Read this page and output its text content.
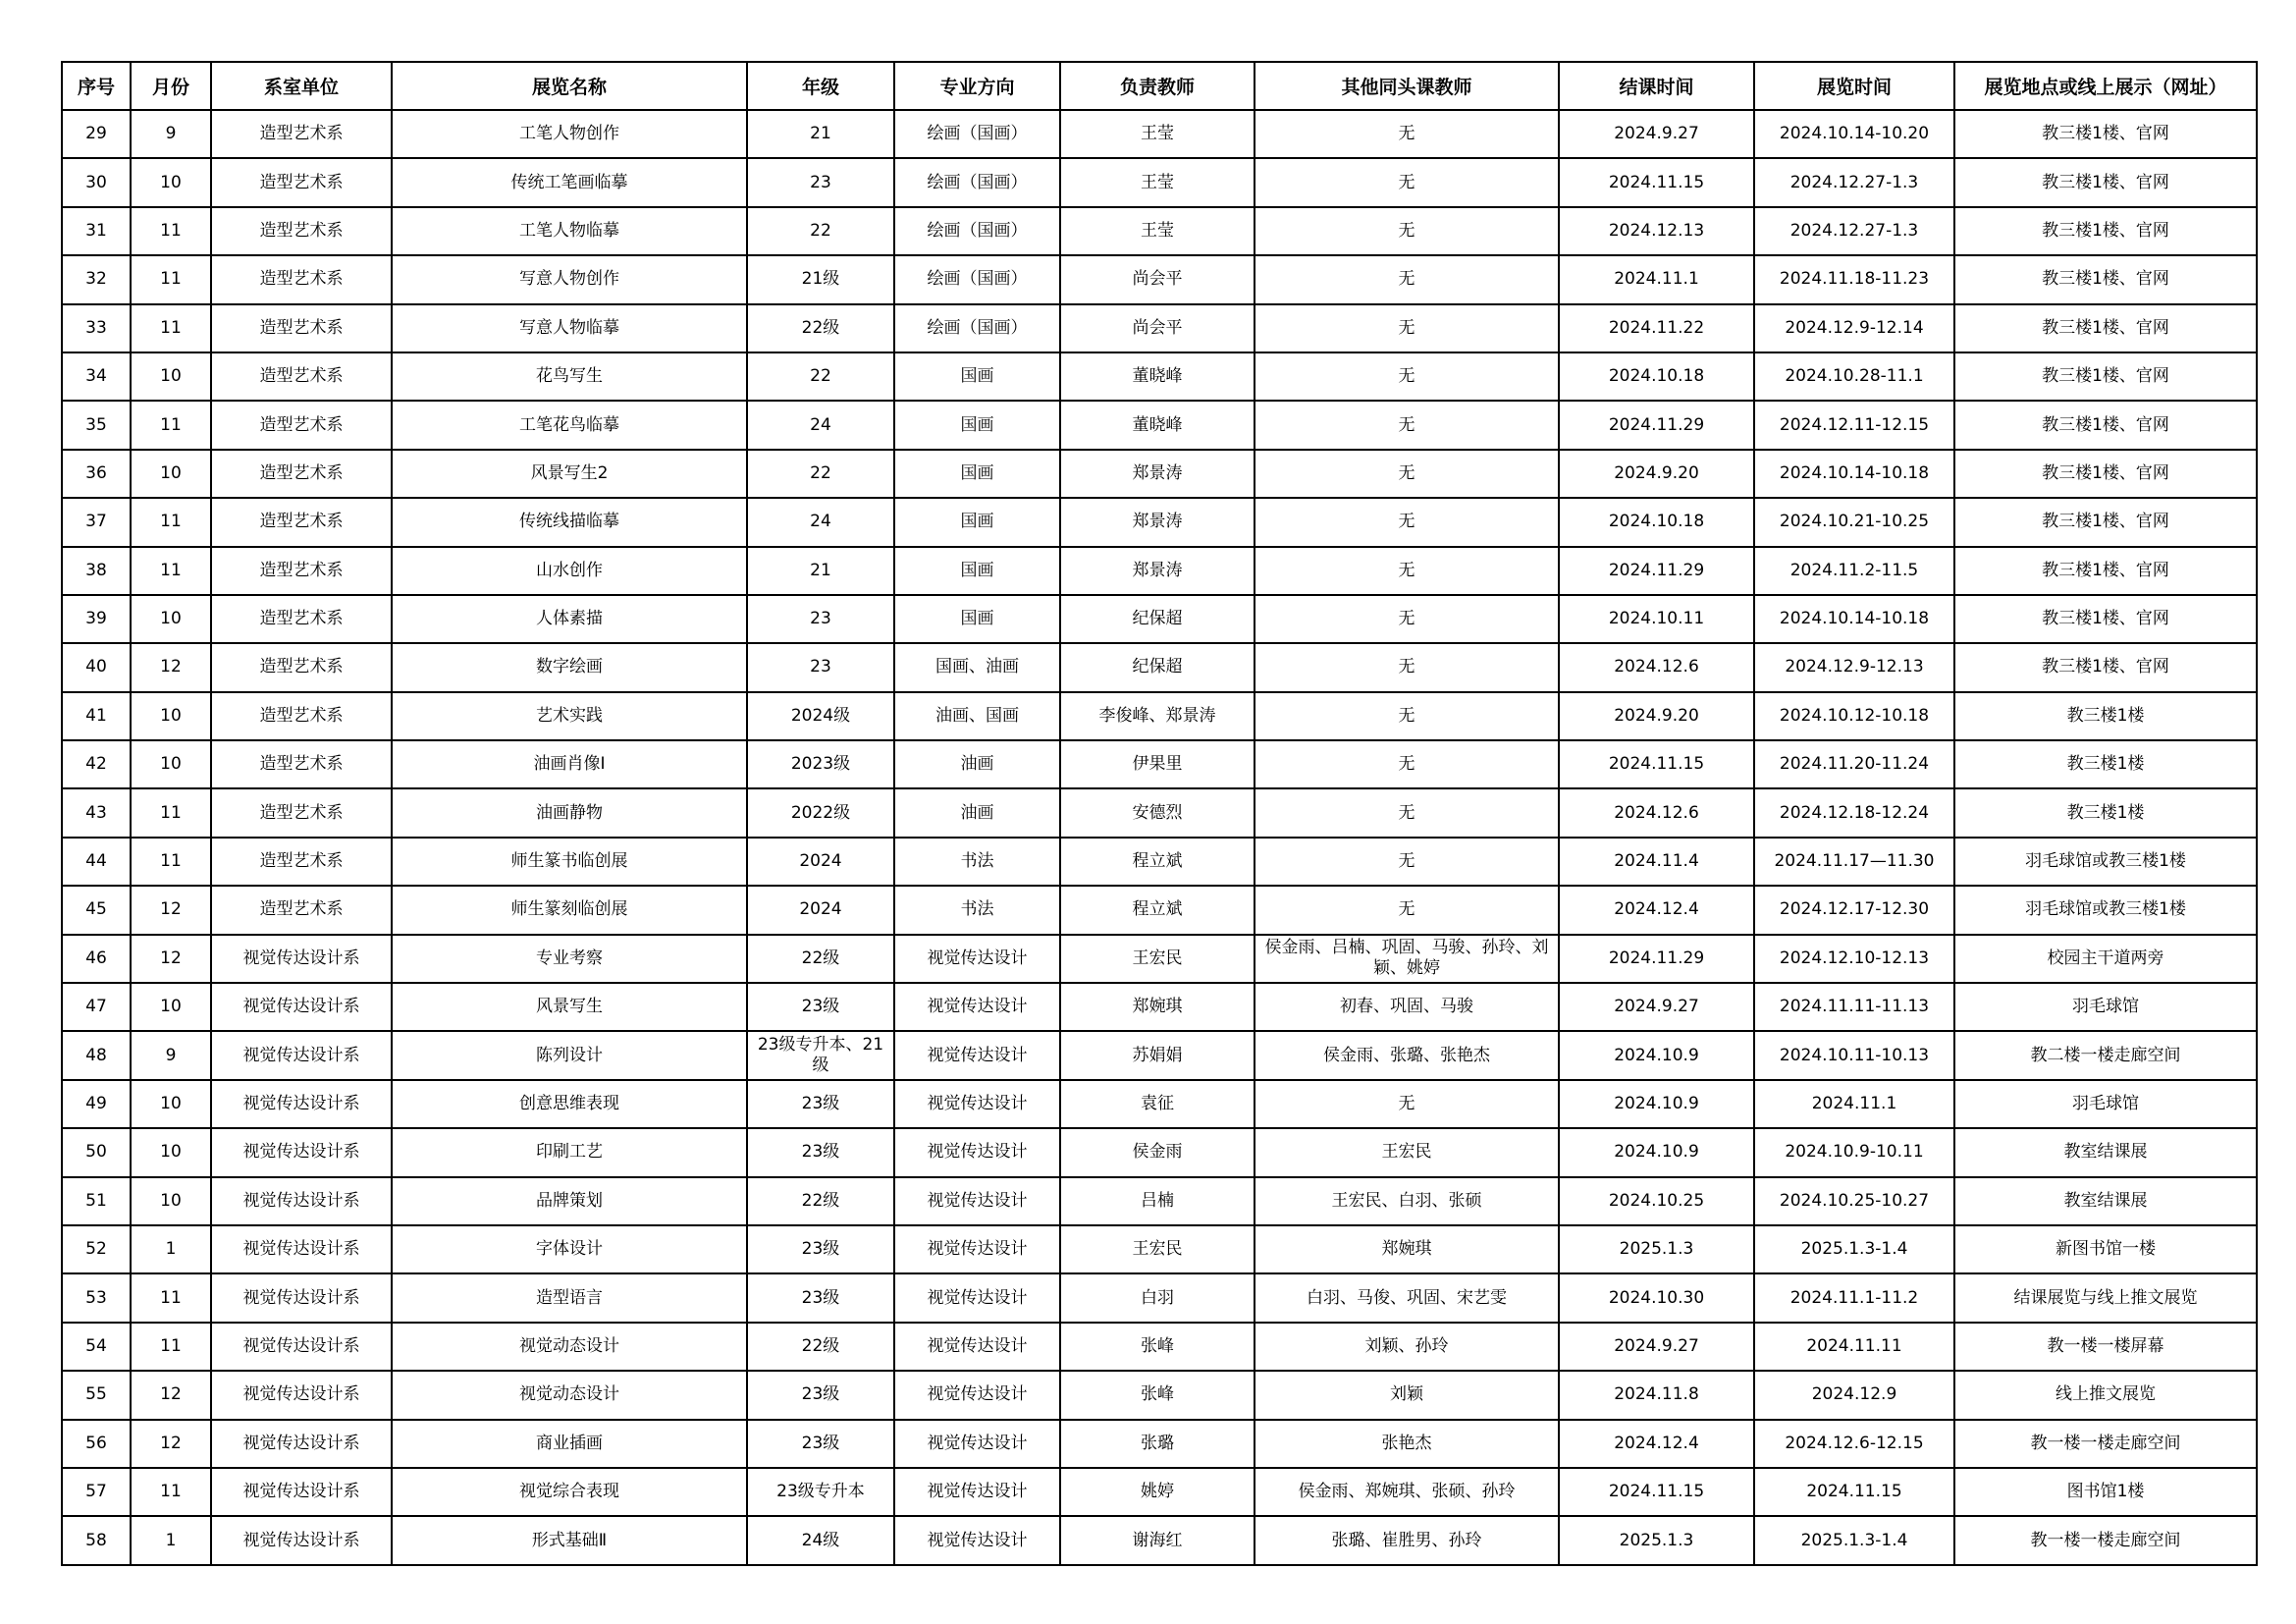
序号	月份	系室单位	展览名称	年级	专业方向	负责教师	其他同头课教师	结课时间	展览时间	展览地点或线上展示（网址）
29	9	造型艺术系	工笔人物创作	21	绘画（国画）	王莹	无	2024.9.27	2024.10.14-10.20	教三楼1楼、官网
30	10	造型艺术系	传统工笔画临摹	23	绘画（国画）	王莹	无	2024.11.15	2024.12.27-1.3	教三楼1楼、官网
31	11	造型艺术系	工笔人物临摹	22	绘画（国画）	王莹	无	2024.12.13	2024.12.27-1.3	教三楼1楼、官网
32	11	造型艺术系	写意人物创作	21级	绘画（国画）	尚会平	无	2024.11.1	2024.11.18-11.23	教三楼1楼、官网
33	11	造型艺术系	写意人物临摹	22级	绘画（国画）	尚会平	无	2024.11.22	2024.12.9-12.14	教三楼1楼、官网
34	10	造型艺术系	花鸟写生	22	国画	董晓峰	无	2024.10.18	2024.10.28-11.1	教三楼1楼、官网
35	11	造型艺术系	工笔花鸟临摹	24	国画	董晓峰	无	2024.11.29	2024.12.11-12.15	教三楼1楼、官网
36	10	造型艺术系	风景写生2	22	国画	郑景涛	无	2024.9.20	2024.10.14-10.18	教三楼1楼、官网
37	11	造型艺术系	传统线描临摹	24	国画	郑景涛	无	2024.10.18	2024.10.21-10.25	教三楼1楼、官网
38	11	造型艺术系	山水创作	21	国画	郑景涛	无	2024.11.29	2024.11.2-11.5	教三楼1楼、官网
39	10	造型艺术系	人体素描	23	国画	纪保超	无	2024.10.11	2024.10.14-10.18	教三楼1楼、官网
40	12	造型艺术系	数字绘画	23	国画、油画	纪保超	无	2024.12.6	2024.12.9-12.13	教三楼1楼、官网
41	10	造型艺术系	艺术实践	2024级	油画、国画	李俊峰、郑景涛	无	2024.9.20	2024.10.12-10.18	教三楼1楼
42	10	造型艺术系	油画肖像Ⅰ	2023级	油画	伊果里	无	2024.11.15	2024.11.20-11.24	教三楼1楼
43	11	造型艺术系	油画静物	2022级	油画	安德烈	无	2024.12.6	2024.12.18-12.24	教三楼1楼
44	11	造型艺术系	师生篆书临创展	2024	书法	程立斌	无	2024.11.4	2024.11.17—11.30	羽毛球馆或教三楼1楼
45	12	造型艺术系	师生篆刻临创展	2024	书法	程立斌	无	2024.12.4	2024.12.17-12.30	羽毛球馆或教三楼1楼
46	12	视觉传达设计系	专业考察	22级	视觉传达设计	王宏民	侯金雨、吕楠、巩固、马骏、孙玲、刘颖、姚婷	2024.11.29	2024.12.10-12.13	校园主干道两旁
47	10	视觉传达设计系	风景写生	23级	视觉传达设计	郑婉琪	初春、巩固、马骏	2024.9.27	2024.11.11-11.13	羽毛球馆
48	9	视觉传达设计系	陈列设计	23级专升本、21级	视觉传达设计	苏娟娟	侯金雨、张璐、张艳杰	2024.10.9	2024.10.11-10.13	教二楼一楼走廊空间
49	10	视觉传达设计系	创意思维表现	23级	视觉传达设计	袁征	无	2024.10.9	2024.11.1	羽毛球馆
50	10	视觉传达设计系	印刷工艺	23级	视觉传达设计	侯金雨	王宏民	2024.10.9	2024.10.9-10.11	教室结课展
51	10	视觉传达设计系	品牌策划	22级	视觉传达设计	吕楠	王宏民、白羽、张硕	2024.10.25	2024.10.25-10.27	教室结课展
52	1	视觉传达设计系	字体设计	23级	视觉传达设计	王宏民	郑婉琪	2025.1.3	2025.1.3-1.4	新图书馆一楼
53	11	视觉传达设计系	造型语言	23级	视觉传达设计	白羽	白羽、马俊、巩固、宋艺雯	2024.10.30	2024.11.1-11.2	结课展览与线上推文展览
54	11	视觉传达设计系	视觉动态设计	22级	视觉传达设计	张峰	刘颖、孙玲	2024.9.27	2024.11.11	教一楼一楼屏幕
55	12	视觉传达设计系	视觉动态设计	23级	视觉传达设计	张峰	刘颖	2024.11.8	2024.12.9	线上推文展览
56	12	视觉传达设计系	商业插画	23级	视觉传达设计	张璐	张艳杰	2024.12.4	2024.12.6-12.15	教一楼一楼走廊空间
57	11	视觉传达设计系	视觉综合表现	23级专升本	视觉传达设计	姚婷	侯金雨、郑婉琪、张硕、孙玲	2024.11.15	2024.11.15	图书馆1楼
58	1	视觉传达设计系	形式基础Ⅱ	24级	视觉传达设计	谢海红	张璐、崔胜男、孙玲	2025.1.3	2025.1.3-1.4	教一楼一楼走廊空间
